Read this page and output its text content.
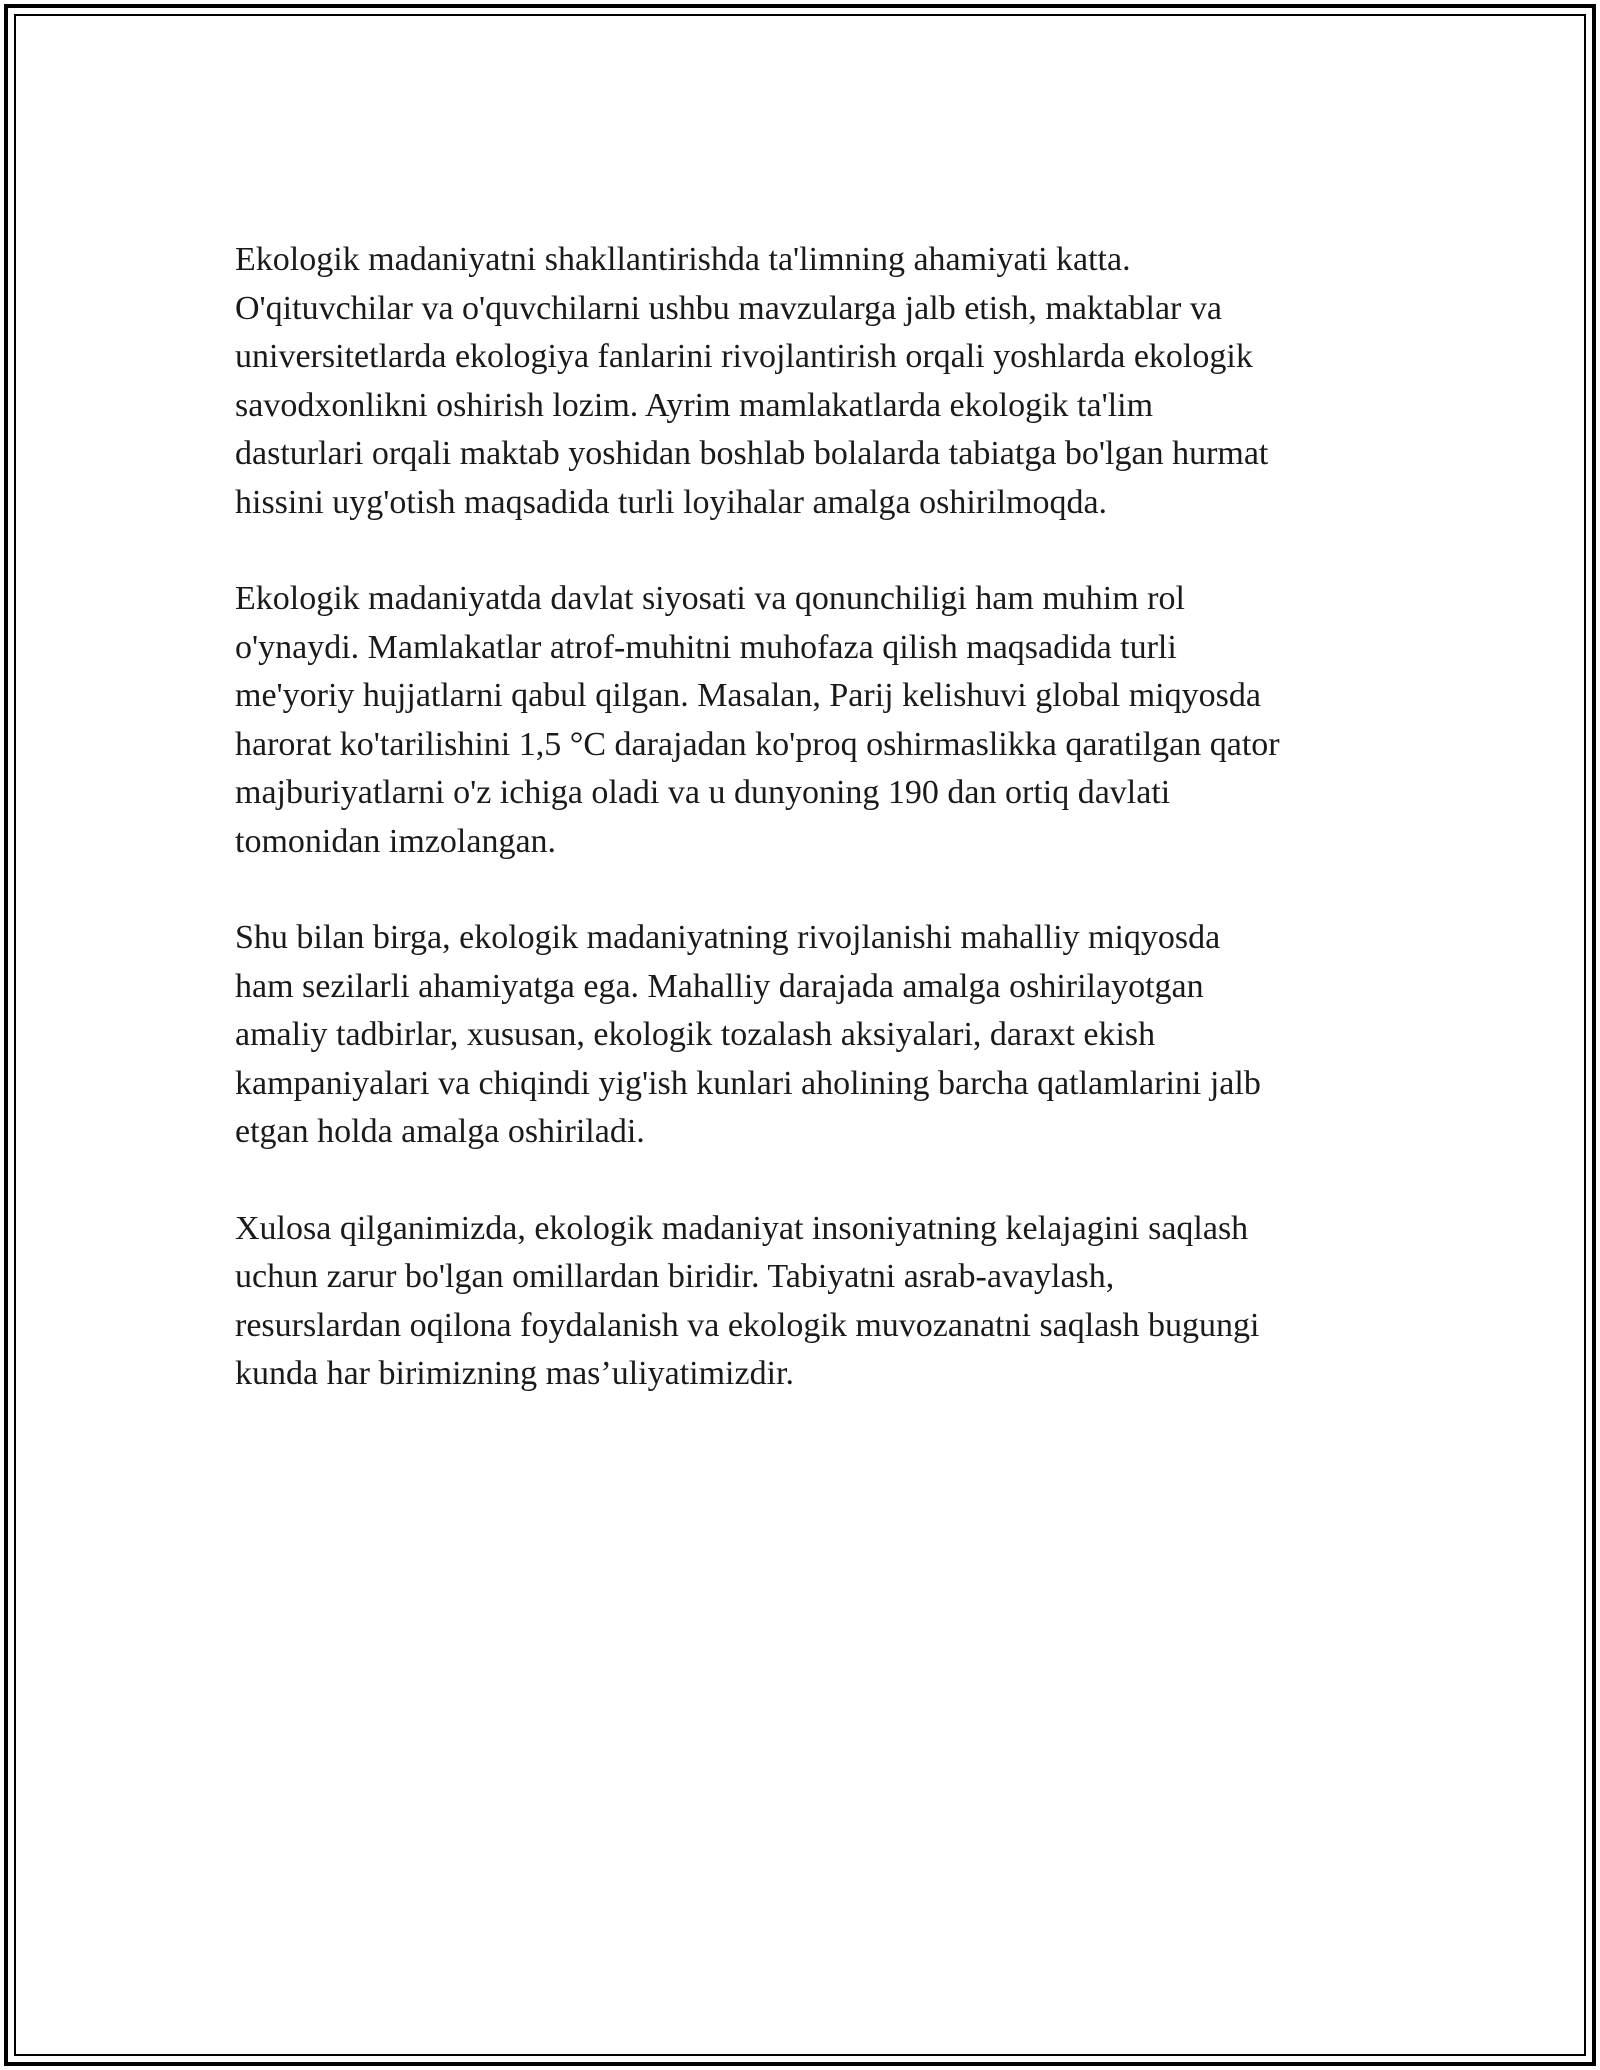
Ekologik madaniyatni shakllantirishda ta'limning ahamiyati katta.
O'qituvchilar va o'quvchilarni ushbu mavzularga jalb etish, maktablar va
universitetlarda ekologiya fanlarini rivojlantirish orqali yoshlarda ekologik
savodxonlikni oshirish lozim. Ayrim mamlakatlarda ekologik ta'lim
dasturlari orqali maktab yoshidan boshlab bolalarda tabiatga bo'lgan hurmat
hissini uyg'otish maqsadida turli loyihalar amalga oshirilmoqda.

Ekologik madaniyatda davlat siyosati va qonunchiligi ham muhim rol
o'ynaydi. Mamlakatlar atrof-muhitni muhofaza qilish maqsadida turli
me'yoriy hujjatlarni qabul qilgan. Masalan, Parij kelishuvi global miqyosda
harorat ko'tarilishini 1,5 °C darajadan ko'proq oshirmaslikka qaratilgan qator
majburiyatlarni o'z ichiga oladi va u dunyoning 190 dan ortiq davlati
tomonidan imzolangan.

Shu bilan birga, ekologik madaniyatning rivojlanishi mahalliy miqyosda
ham sezilarli ahamiyatga ega. Mahalliy darajada amalga oshirilayotgan
amaliy tadbirlar, xususan, ekologik tozalash aksiyalari, daraxt ekish
kampaniyalari va chiqindi yig'ish kunlari aholining barcha qatlamlarini jalb
etgan holda amalga oshiriladi.

Xulosa qilganimizda, ekologik madaniyat insoniyatning kelajagini saqlash
uchun zarur bo'lgan omillardan biridir. Tabiyatni asrab-avaylash,
resurslardan oqilona foydalanish va ekologik muvozanatni saqlash bugungi
kunda har birimizning mas’uliyatimizdir.
